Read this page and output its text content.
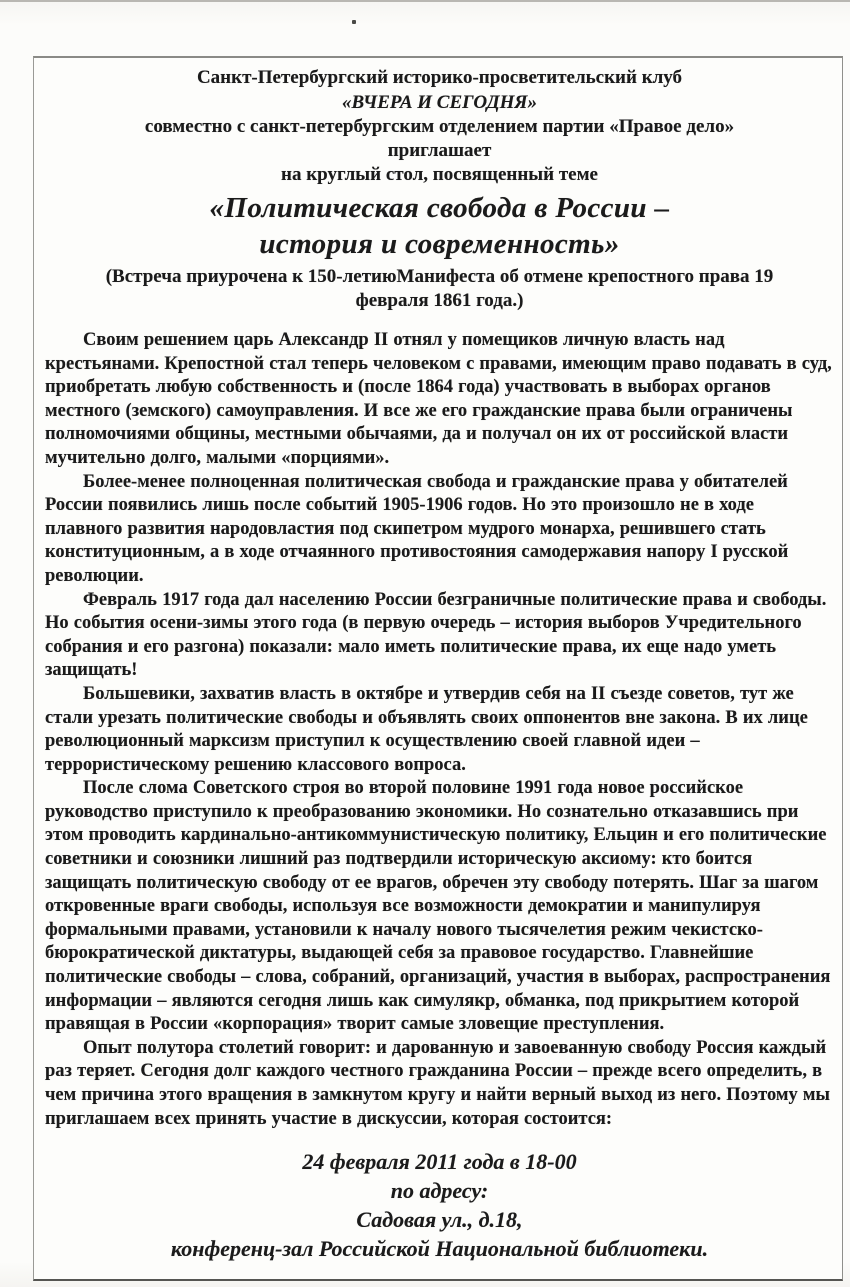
Санкт-Петербургский историко-просветительский клуб
«ВЧЕРА И СЕГОДНЯ»
совместно с санкт-петербургским отделением партии «Правое дело»
приглашает
на круглый стол, посвященный теме
«Политическая свобода в России –
история и современность»
(Встреча приурочена к 150-летиюМанифеста об отмене крепостного права 19 февраля 1861 года.)

Своим решением царь Александр II отнял у помещиков личную власть над крестьянами. Крепостной стал теперь человеком с правами, имеющим право подавать в суд, приобретать любую собственность и (после 1864 года) участвовать в выборах органов местного (земского) самоуправления. И все же его гражданские права были ограничены полномочиями общины, местными обычаями, да и получал он их от российской власти мучительно долго, малыми «порциями».

Более-менее полноценная политическая свобода и гражданские права у обитателей России появились лишь после событий 1905-1906 годов. Но это произошло не в ходе плавного развития народовластия под скипетром мудрого монарха, решившего стать конституционным, а в ходе отчаянного противостояния самодержавия напору I русской революции.

Февраль 1917 года дал населению России безграничные политические права и свободы. Но события осени-зимы этого года (в первую очередь – история выборов Учредительного собрания и его разгона) показали: мало иметь политические права, их еще надо уметь защищать!

Большевики, захватив власть в октябре и утвердив себя на II съезде советов, тут же стали урезать политические свободы и объявлять своих оппонентов вне закона. В их лице революционный марксизм приступил к осуществлению своей главной идеи – террористическому решению классового вопроса.

После слома Советского строя во второй половине 1991 года новое российское руководство приступило к преобразованию экономики. Но сознательно отказавшись при этом проводить кардинально-антикоммунистическую политику, Ельцин и его политические советники и союзники лишний раз подтвердили историческую аксиому: кто боится защищать политическую свободу от ее врагов, обречен эту свободу потерять. Шаг за шагом откровенные враги свободы, используя все возможности демократии и манипулируя формальными правами, установили к началу нового тысячелетия режим чекистско-бюрократической диктатуры, выдающей себя за правовое государство. Главнейшие политические свободы – слова, собраний, организаций, участия в выборах, распространения информации – являются сегодня лишь как симулякр, обманка, под прикрытием которой правящая в России «корпорация» творит самые зловещие преступления.

Опыт полутора столетий говорит: и дарованную и завоеванную свободу Россия каждый раз теряет. Сегодня долг каждого честного гражданина России – прежде всего определить, в чем причина этого вращения в замкнутом кругу и найти верный выход из него. Поэтому мы приглашаем всех принять участие в дискуссии, которая состоится:

24 февраля 2011 года в 18-00
по адресу:
Садовая ул., д.18,
конференц-зал Российской Национальной библиотеки.
